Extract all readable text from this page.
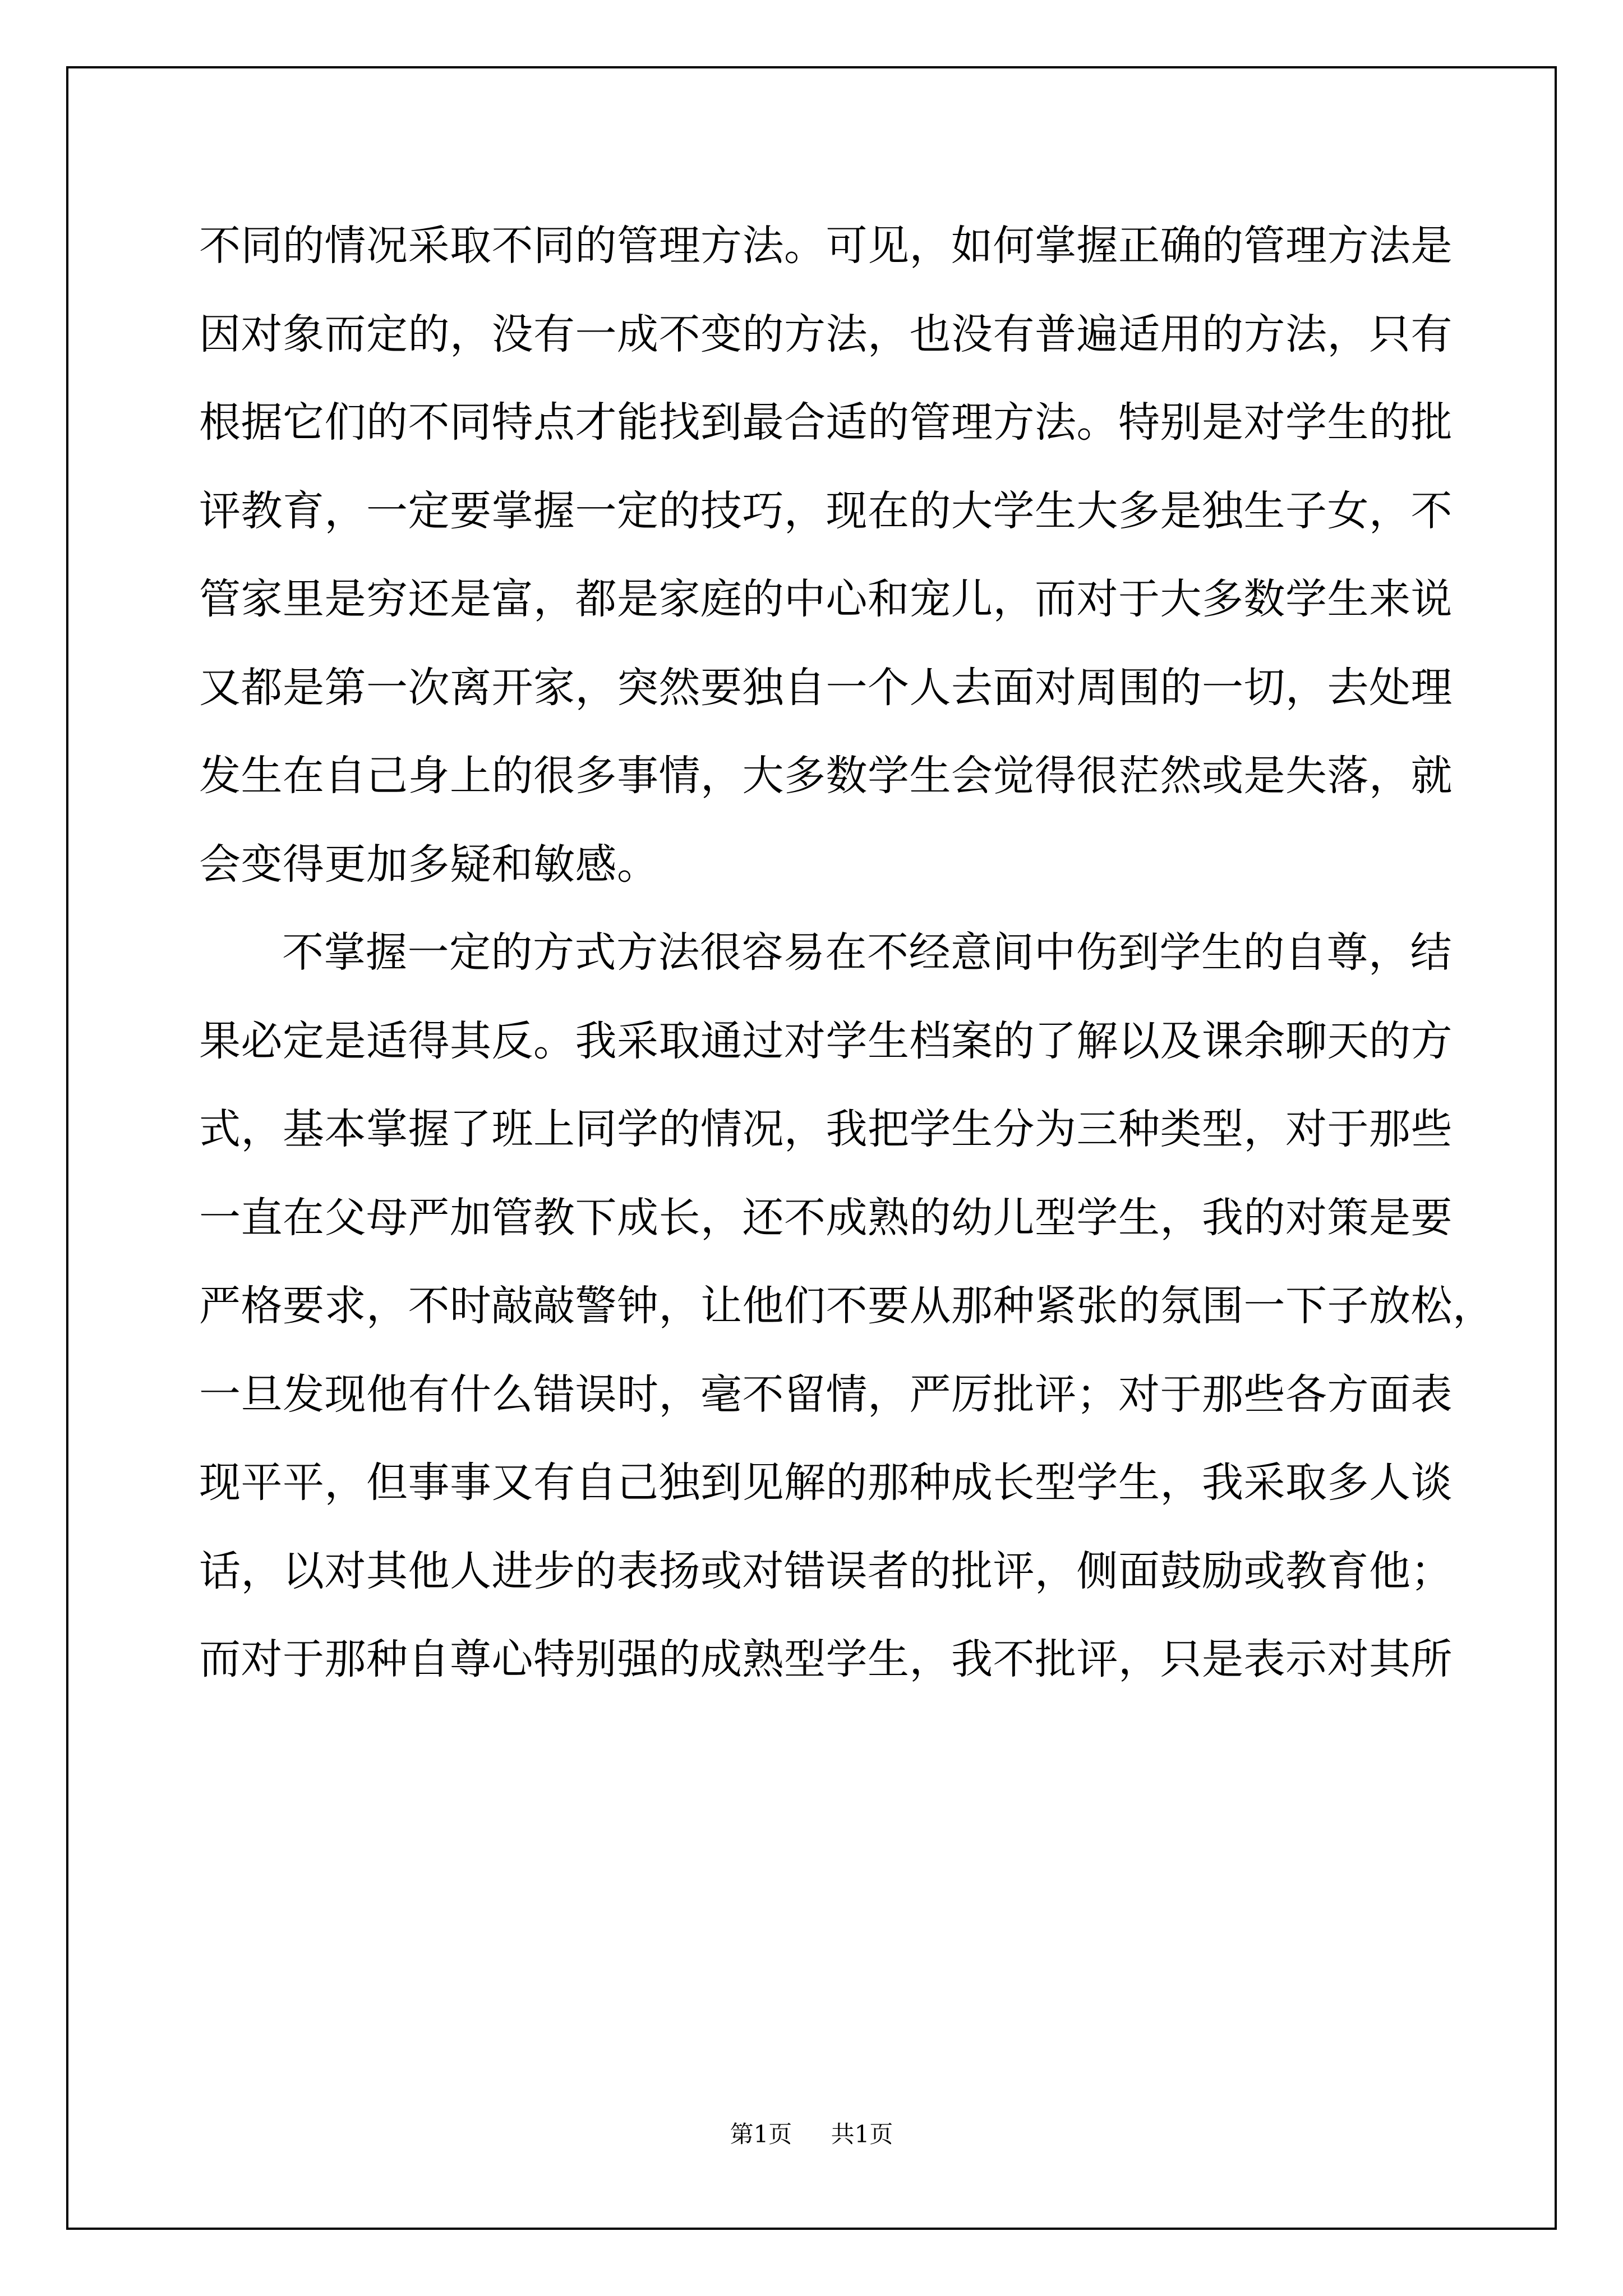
不同的情况采取不同的管理方法。可见，如何掌握正确的管理方法是
因对象而定的，没有一成不变的方法，也没有普遍适用的方法，只有
根据它们的不同特点才能找到最合适的管理方法。特别是对学生的批
评教育，一定要掌握一定的技巧，现在的大学生大多是独生子女，不
管家里是穷还是富，都是家庭的中心和宠儿，而对于大多数学生来说
又都是第一次离开家，突然要独自一个人去面对周围的一切，去处理
发生在自己身上的很多事情，大多数学生会觉得很茫然或是失落，就
会变得更加多疑和敏感。
不掌握一定的方式方法很容易在不经意间中伤到学生的自尊，结
果必定是适得其反。我采取通过对学生档案的了解以及课余聊天的方
式，基本掌握了班上同学的情况，我把学生分为三种类型，对于那些
一直在父母严加管教下成长，还不成熟的幼儿型学生，我的对策是要
严格要求，不时敲敲警钟，让他们不要从那种紧张的氛围一下子放松，
一旦发现他有什么错误时，毫不留情，严厉批评；对于那些各方面表
现平平，但事事又有自己独到见解的那种成长型学生，我采取多人谈
话，以对其他人进步的表扬或对错误者的批评，侧面鼓励或教育他；
而对于那种自尊心特别强的成熟型学生，我不批评，只是表示对其所
第1页 共1页
